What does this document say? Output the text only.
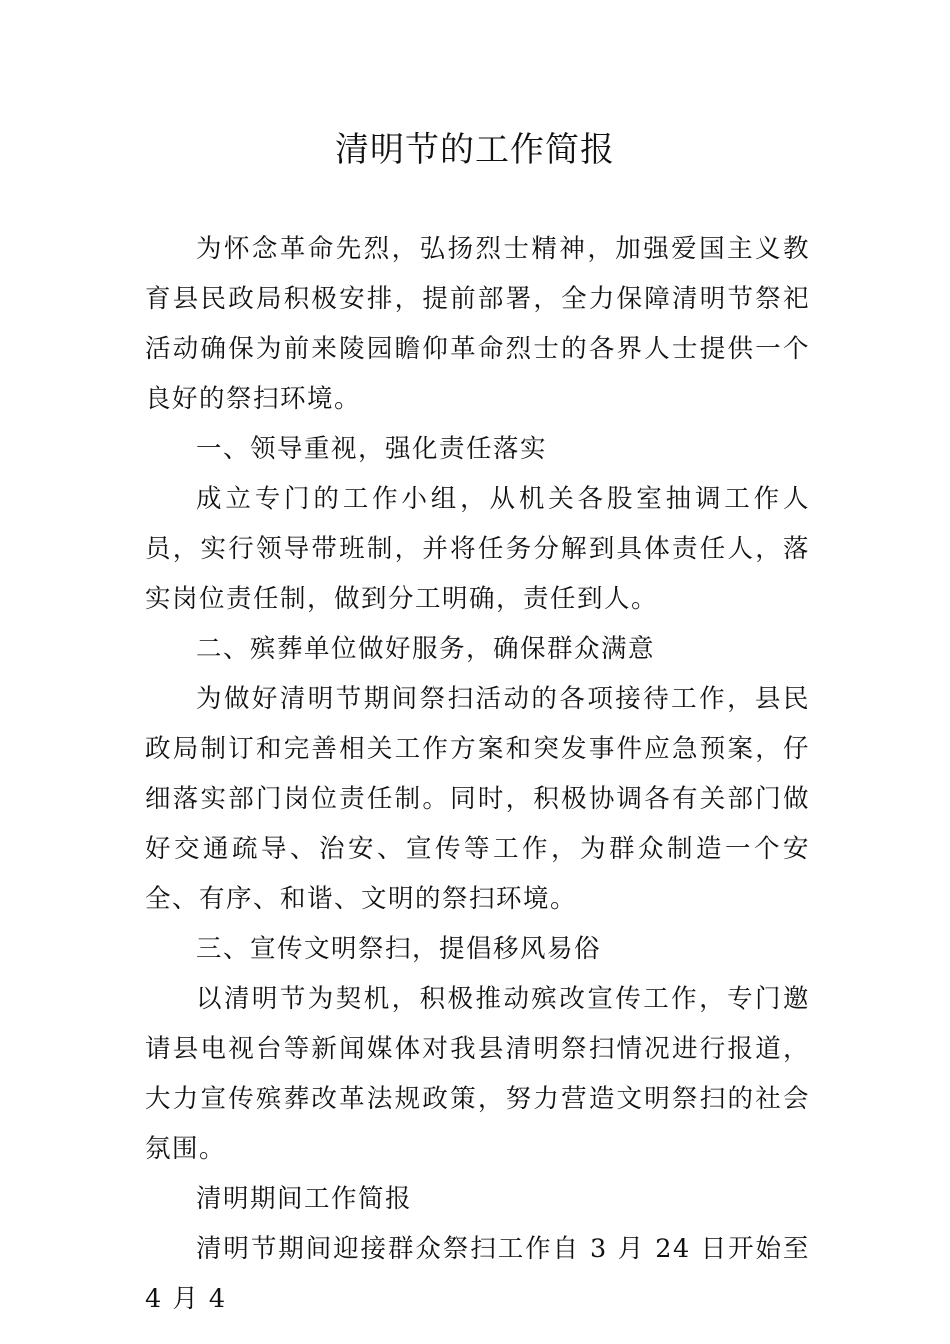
清明节的工作简报

为怀念革命先烈，弘扬烈士精神，加强爱国主义教育县民政局积极安排，提前部署，全力保障清明节祭祀活动确保为前来陵园瞻仰革命烈士的各界人士提供一个良好的祭扫环境。

一、领导重视，强化责任落实

成立专门的工作小组，从机关各股室抽调工作人员，实行领导带班制，并将任务分解到具体责任人，落实岗位责任制，做到分工明确，责任到人。

二、殡葬单位做好服务，确保群众满意

为做好清明节期间祭扫活动的各项接待工作，县民政局制订和完善相关工作方案和突发事件应急预案，仔细落实部门岗位责任制。同时，积极协调各有关部门做好交通疏导、治安、宣传等工作，为群众制造一个安全、有序、和谐、文明的祭扫环境。

三、宣传文明祭扫，提倡移风易俗

以清明节为契机，积极推动殡改宣传工作，专门邀请县电视台等新闻媒体对我县清明祭扫情况进行报道，大力宣传殡葬改革法规政策，努力营造文明祭扫的社会氛围。

清明期间工作简报

清明节期间迎接群众祭扫工作自 3 月 24 日开始至 4 月 4
